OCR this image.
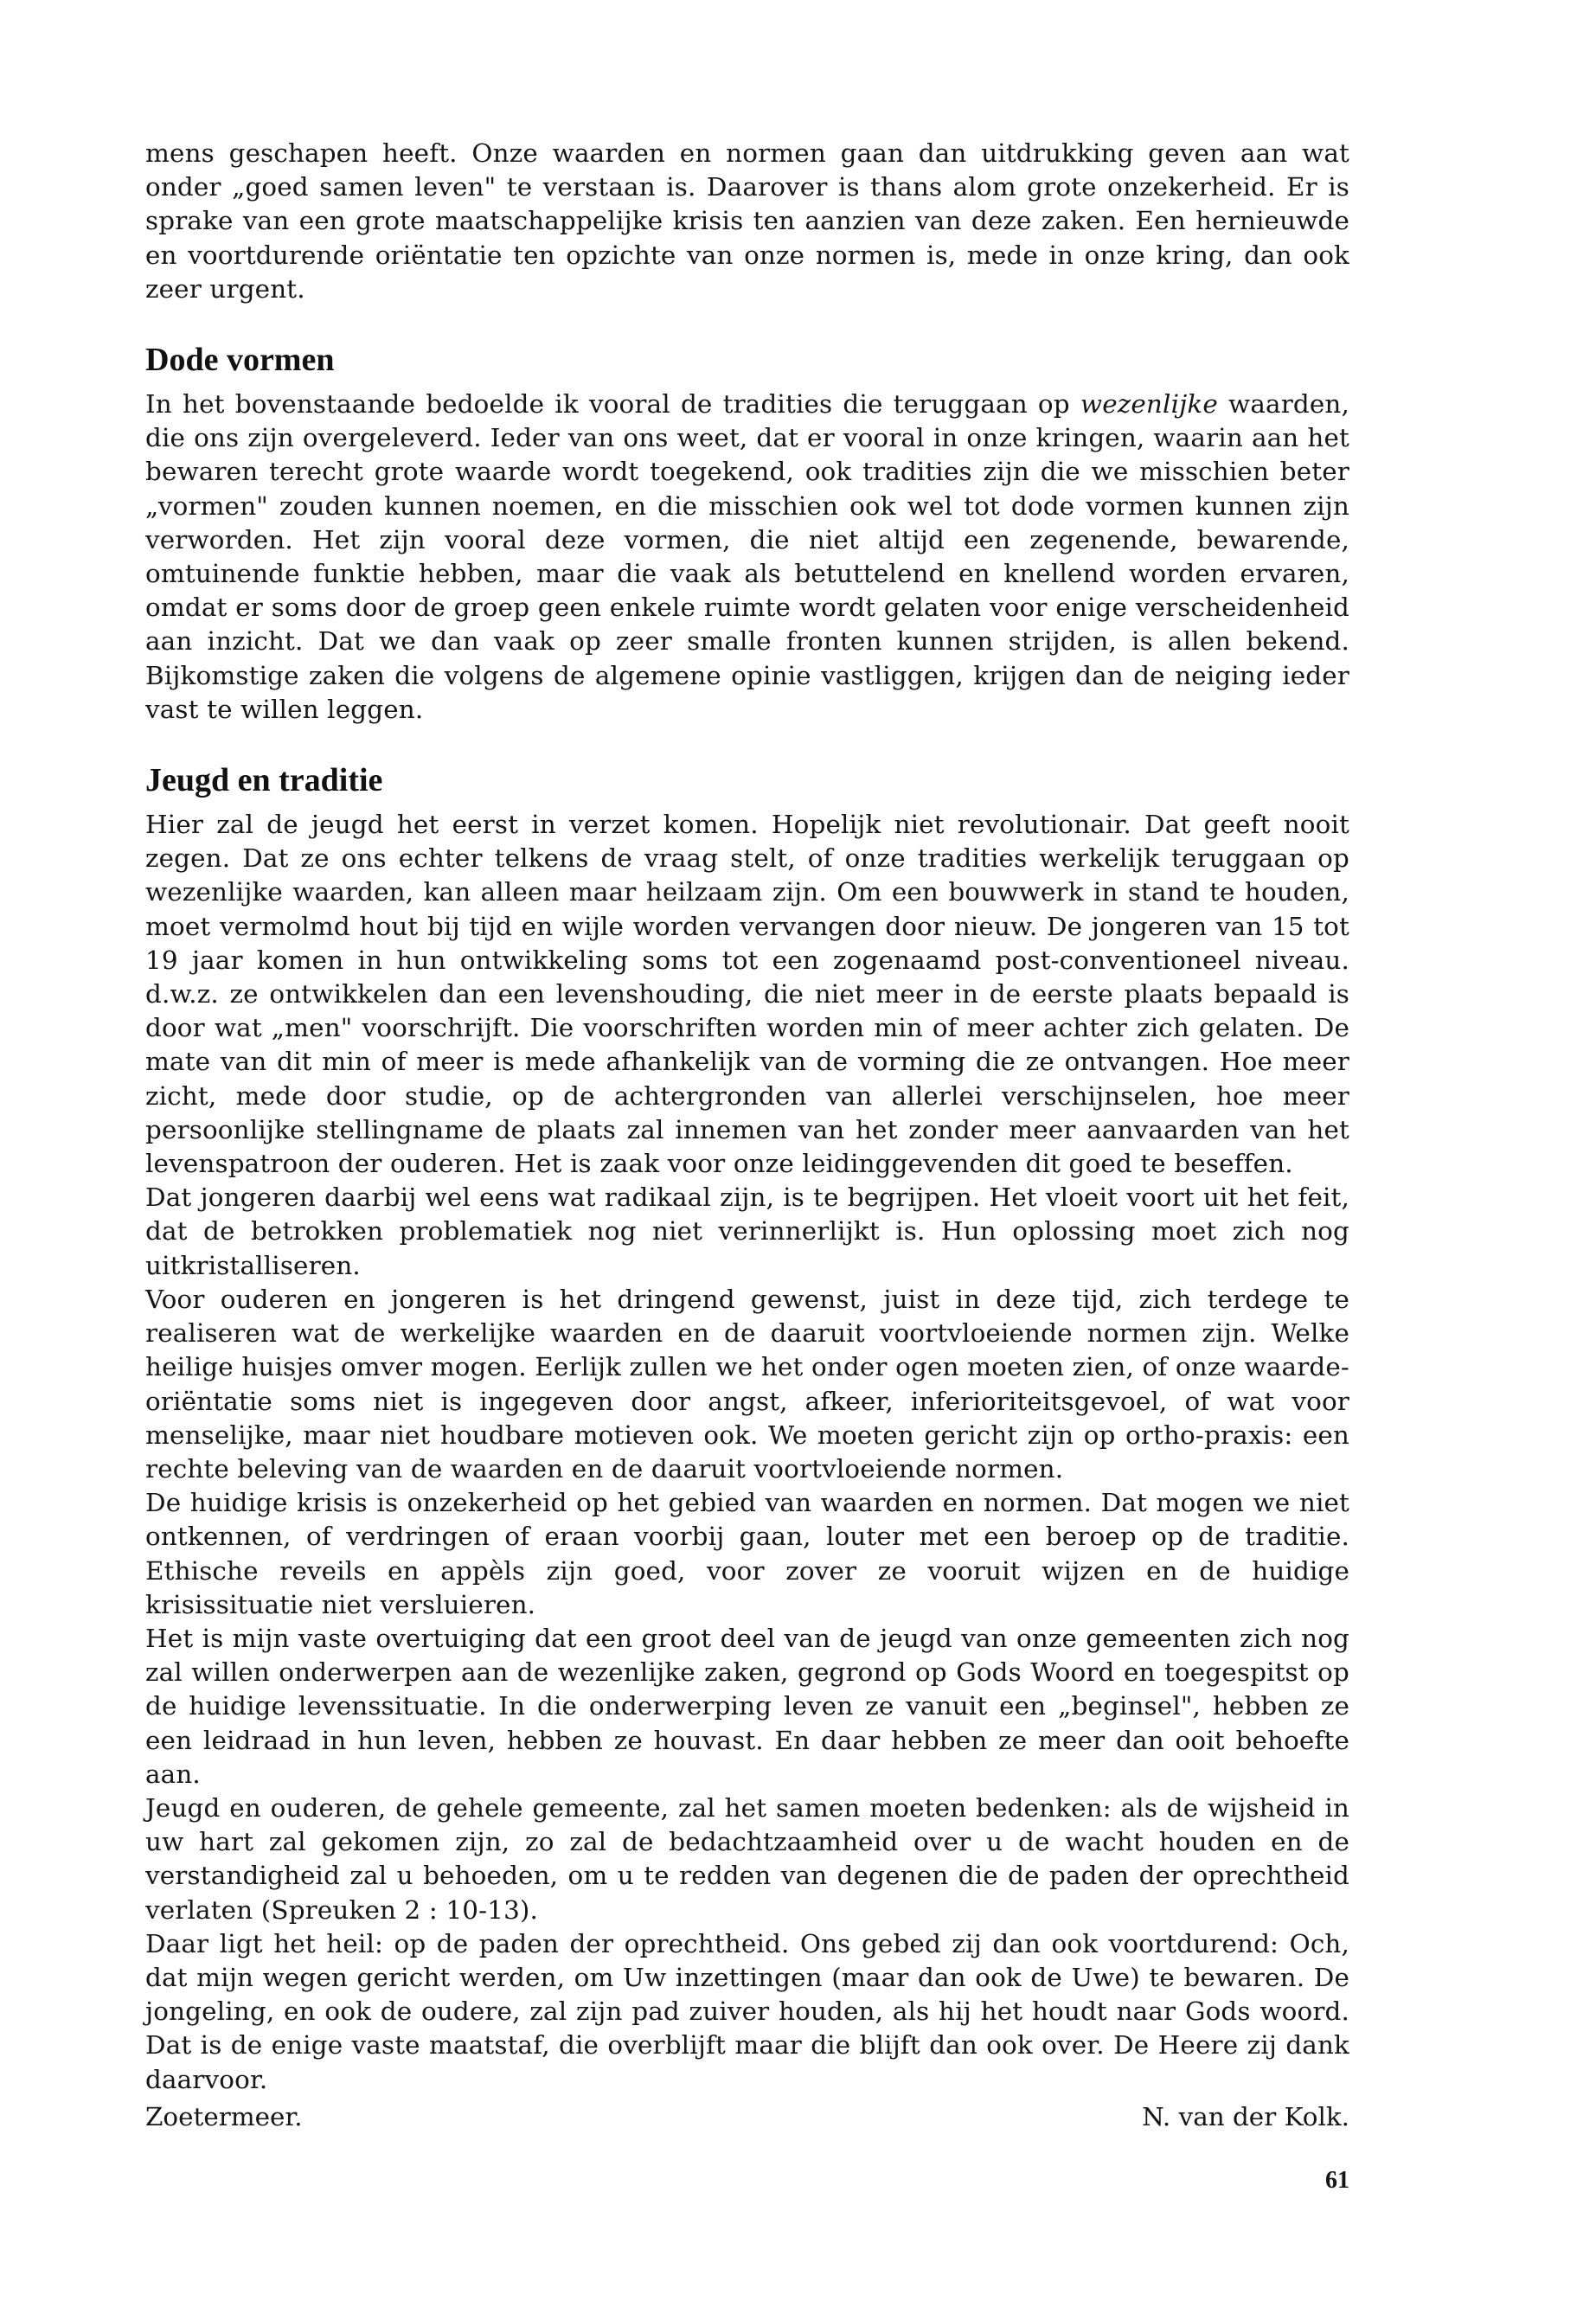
mens geschapen heeft. Onze waarden en normen gaan dan uitdrukking geven aan wat onder „goed samen leven" te verstaan is. Daarover is thans alom grote onzekerheid. Er is sprake van een grote maatschappelijke krisis ten aanzien van deze zaken. Een hernieuwde en voortdurende oriëntatie ten opzichte van onze normen is, mede in onze kring, dan ook zeer urgent.

Dode vormen

In het bovenstaande bedoelde ik vooral de tradities die teruggaan op wezenlijke waarden, die ons zijn overgeleverd. Ieder van ons weet, dat er vooral in onze kringen, waarin aan het bewaren terecht grote waarde wordt toegekend, ook tradities zijn die we misschien beter „vormen" zouden kunnen noemen, en die misschien ook wel tot dode vormen kunnen zijn verworden. Het zijn vooral deze vormen, die niet altijd een zegenende, bewarende, omtuinende funktie hebben, maar die vaak als betuttelend en knellend worden ervaren, omdat er soms door de groep geen enkele ruimte wordt gelaten voor enige verscheidenheid aan inzicht. Dat we dan vaak op zeer smalle fronten kunnen strijden, is allen bekend. Bijkomstige zaken die volgens de algemene opinie vastliggen, krijgen dan de neiging ieder vast te willen leggen.

Jeugd en traditie

Hier zal de jeugd het eerst in verzet komen. Hopelijk niet revolutionair. Dat geeft nooit zegen. Dat ze ons echter telkens de vraag stelt, of onze tradities werkelijk teruggaan op wezenlijke waarden, kan alleen maar heilzaam zijn. Om een bouwwerk in stand te houden, moet vermolmd hout bij tijd en wijle worden vervangen door nieuw. De jongeren van 15 tot 19 jaar komen in hun ontwikkeling soms tot een zogenaamd post-conventioneel niveau. d.w.z. ze ontwikkelen dan een levenshouding, die niet meer in de eerste plaats bepaald is door wat „men" voorschrijft. Die voorschriften worden min of meer achter zich gelaten. De mate van dit min of meer is mede afhankelijk van de vorming die ze ontvangen. Hoe meer zicht, mede door studie, op de achtergronden van allerlei verschijnselen, hoe meer persoonlijke stellingname de plaats zal innemen van het zonder meer aanvaarden van het levenspatroon der ouderen. Het is zaak voor onze leidinggevenden dit goed te beseffen.

Dat jongeren daarbij wel eens wat radikaal zijn, is te begrijpen. Het vloeit voort uit het feit, dat de betrokken problematiek nog niet verinnerlijkt is. Hun oplossing moet zich nog uitkristalliseren.

Voor ouderen en jongeren is het dringend gewenst, juist in deze tijd, zich terdege te realiseren wat de werkelijke waarden en de daaruit voortvloeiende normen zijn. Welke heilige huisjes omver mogen. Eerlijk zullen we het onder ogen moeten zien, of onze waarde-oriëntatie soms niet is ingegeven door angst, afkeer, inferioriteitsgevoel, of wat voor menselijke, maar niet houdbare motieven ook. We moeten gericht zijn op ortho-praxis: een rechte beleving van de waarden en de daaruit voortvloeiende normen.

De huidige krisis is onzekerheid op het gebied van waarden en normen. Dat mogen we niet ontkennen, of verdringen of eraan voorbij gaan, louter met een beroep op de traditie. Ethische reveils en appèls zijn goed, voor zover ze vooruit wijzen en de huidige krisissituatie niet versluieren.

Het is mijn vaste overtuiging dat een groot deel van de jeugd van onze gemeenten zich nog zal willen onderwerpen aan de wezenlijke zaken, gegrond op Gods Woord en toegespitst op de huidige levenssituatie. In die onderwerping leven ze vanuit een „beginsel", hebben ze een leidraad in hun leven, hebben ze houvast. En daar hebben ze meer dan ooit behoefte aan.

Jeugd en ouderen, de gehele gemeente, zal het samen moeten bedenken: als de wijsheid in uw hart zal gekomen zijn, zo zal de bedachtzaamheid over u de wacht houden en de verstandigheid zal u behoeden, om u te redden van degenen die de paden der oprechtheid verlaten (Spreuken 2 : 10-13).

Daar ligt het heil: op de paden der oprechtheid. Ons gebed zij dan ook voortdurend: Och, dat mijn wegen gericht werden, om Uw inzettingen (maar dan ook de Uwe) te bewaren. De jongeling, en ook de oudere, zal zijn pad zuiver houden, als hij het houdt naar Gods woord. Dat is de enige vaste maatstaf, die overblijft maar die blijft dan ook over. De Heere zij dank daarvoor.

Zoetermeer.	N. van der Kolk.
61
